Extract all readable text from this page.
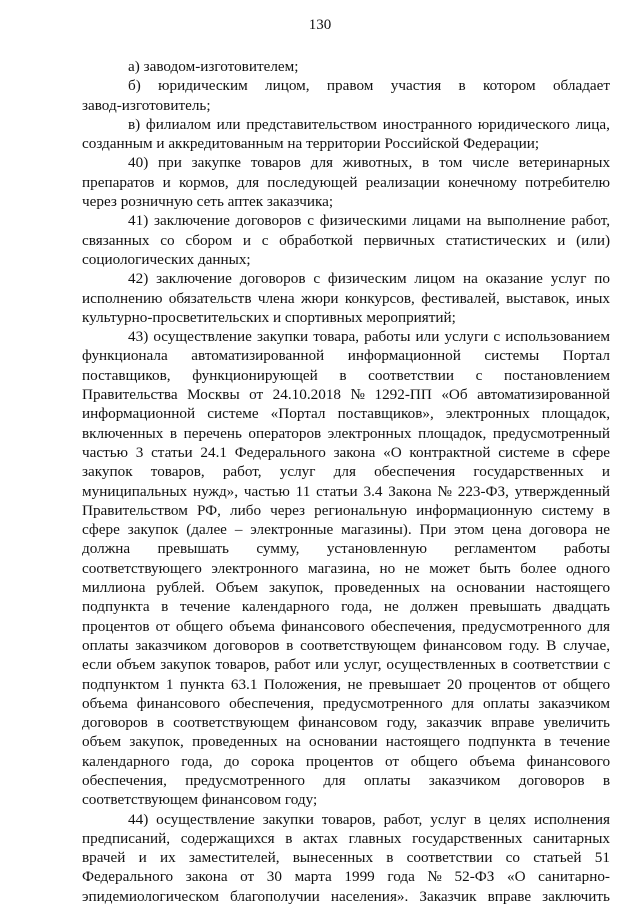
130
а) заводом-изготовителем;
б) юридическим лицом, правом участия в котором обладает
завод-изготовитель;
в) филиалом или представительством иностранного юридического лица,
созданным и аккредитованным на территории Российской Федерации;
40) при закупке товаров для животных, в том числе ветеринарных
препаратов и кормов, для последующей реализации конечному потребителю
через розничную сеть аптек заказчика;
41) заключение договоров с физическими лицами на выполнение работ,
связанных со сбором и с обработкой первичных статистических и (или)
социологических данных;
42) заключение договоров с физическим лицом на оказание услуг по
исполнению обязательств члена жюри конкурсов, фестивалей, выставок, иных
культурно-просветительских и спортивных мероприятий;
43) осуществление закупки товара, работы или услуги с использованием
функционала автоматизированной информационной системы Портал
поставщиков, функционирующей в соответствии с постановлением
Правительства Москвы от 24.10.2018 № 1292-ПП «Об автоматизированной
информационной системе «Портал поставщиков», электронных площадок,
включенных в перечень операторов электронных площадок, предусмотренный
частью 3 статьи 24.1 Федерального закона «О контрактной системе в сфере
закупок товаров, работ, услуг для обеспечения государственных и
муниципальных нужд», частью 11 статьи 3.4 Закона № 223-ФЗ, утвержденный
Правительством РФ, либо через региональную информационную систему в
сфере закупок (далее – электронные магазины). При этом цена договора не
должна превышать сумму, установленную регламентом работы
соответствующего электронного магазина, но не может быть более одного
миллиона рублей. Объем закупок, проведенных на основании настоящего
подпункта в течение календарного года, не должен превышать двадцать
процентов от общего объема финансового обеспечения, предусмотренного для
оплаты заказчиком договоров в соответствующем финансовом году. В случае,
если объем закупок товаров, работ или услуг, осуществленных в соответствии с
подпунктом 1 пункта 63.1 Положения, не превышает 20 процентов от общего
объема финансового обеспечения, предусмотренного для оплаты заказчиком
договоров в соответствующем финансовом году, заказчик вправе увеличить
объем закупок, проведенных на основании настоящего подпункта в течение
календарного года, до сорока процентов от общего объема финансового
обеспечения, предусмотренного для оплаты заказчиком договоров в
соответствующем финансовом году;
44) осуществление закупки товаров, работ, услуг в целях исполнения
предписаний, содержащихся в актах главных государственных санитарных
врачей и их заместителей, вынесенных в соответствии со статьей 51
Федерального закона от 30 марта 1999 года № 52-ФЗ «О санитарно-
эпидемиологическом благополучии населения». Заказчик вправе заключить
